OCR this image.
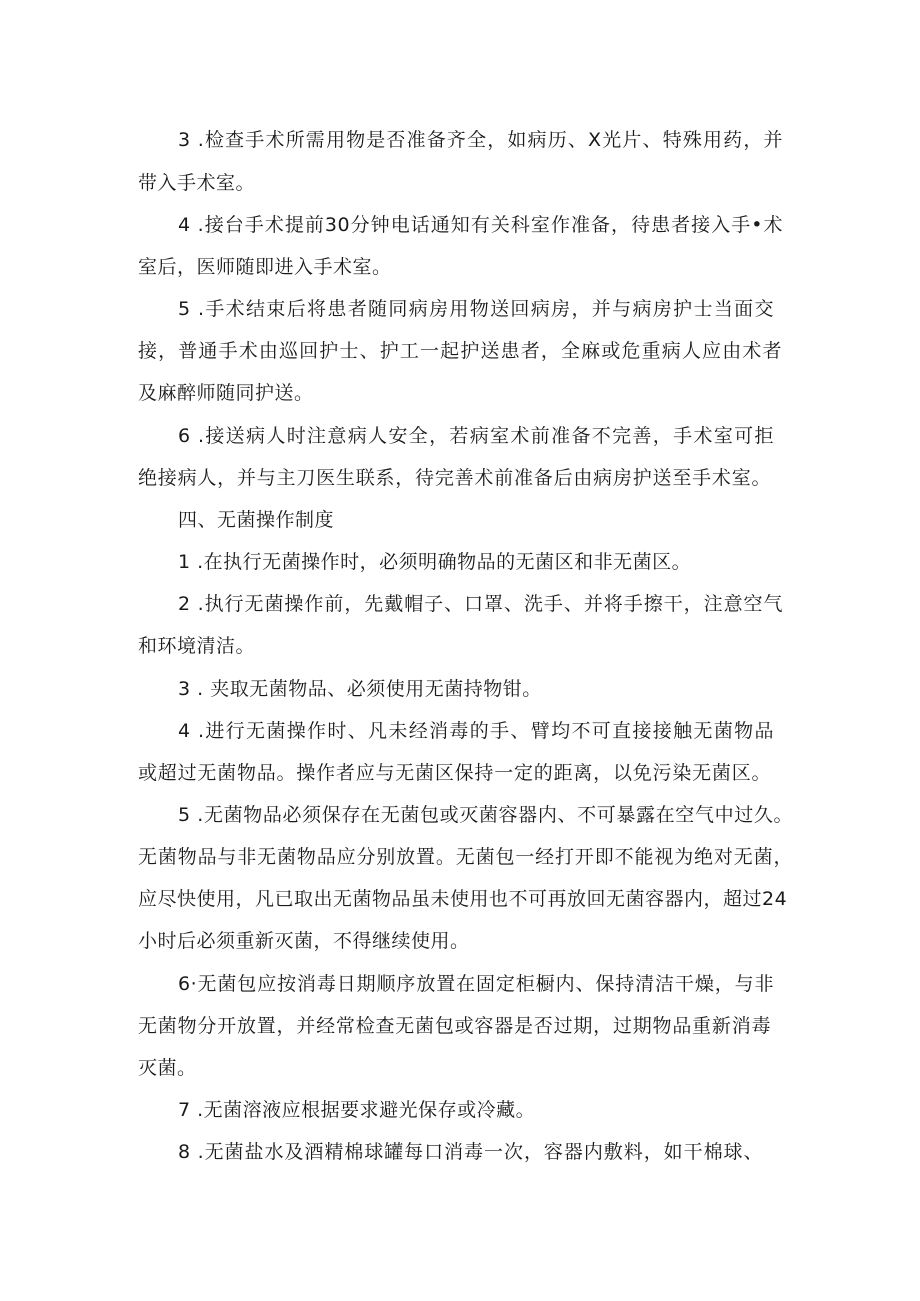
3 .检查手术所需用物是否准备齐全，如病历、X光片、特殊用药，并
带入手术室。
4 .接台手术提前30分钟电话通知有关科室作准备，待患者接入手•术
室后，医师随即进入手术室。
5 .手术结束后将患者随同病房用物送回病房，并与病房护士当面交
接，普通手术由巡回护士、护工一起护送患者，全麻或危重病人应由术者
及麻醉师随同护送。
6 .接送病人时注意病人安全，若病室术前准备不完善，手术室可拒
绝接病人，并与主刀医生联系，待完善术前准备后由病房护送至手术室。
四、无菌操作制度
1 .在执行无菌操作时，必须明确物品的无菌区和非无菌区。
2 .执行无菌操作前，先戴帽子、口罩、洗手、并将手擦干，注意空气
和环境清洁。
3 . 夹取无菌物品、必须使用无菌持物钳。
4 .进行无菌操作时、凡未经消毒的手、臂均不可直接接触无菌物品
或超过无菌物品。操作者应与无菌区保持一定的距离，以免污染无菌区。
5 .无菌物品必须保存在无菌包或灭菌容器内、不可暴露在空气中过久。
无菌物品与非无菌物品应分别放置。无菌包一经打开即不能视为绝对无菌，
应尽快使用，凡已取出无菌物品虽未使用也不可再放回无菌容器内，超过24
小时后必须重新灭菌，不得继续使用。
6·无菌包应按消毒日期顺序放置在固定柜橱内、保持清洁干燥，与非
无菌物分开放置，并经常检查无菌包或容器是否过期，过期物品重新消毒
灭菌。
7 .无菌溶液应根据要求避光保存或冷藏。
8 .无菌盐水及酒精棉球罐每口消毒一次，容器内敷料，如干棉球、
